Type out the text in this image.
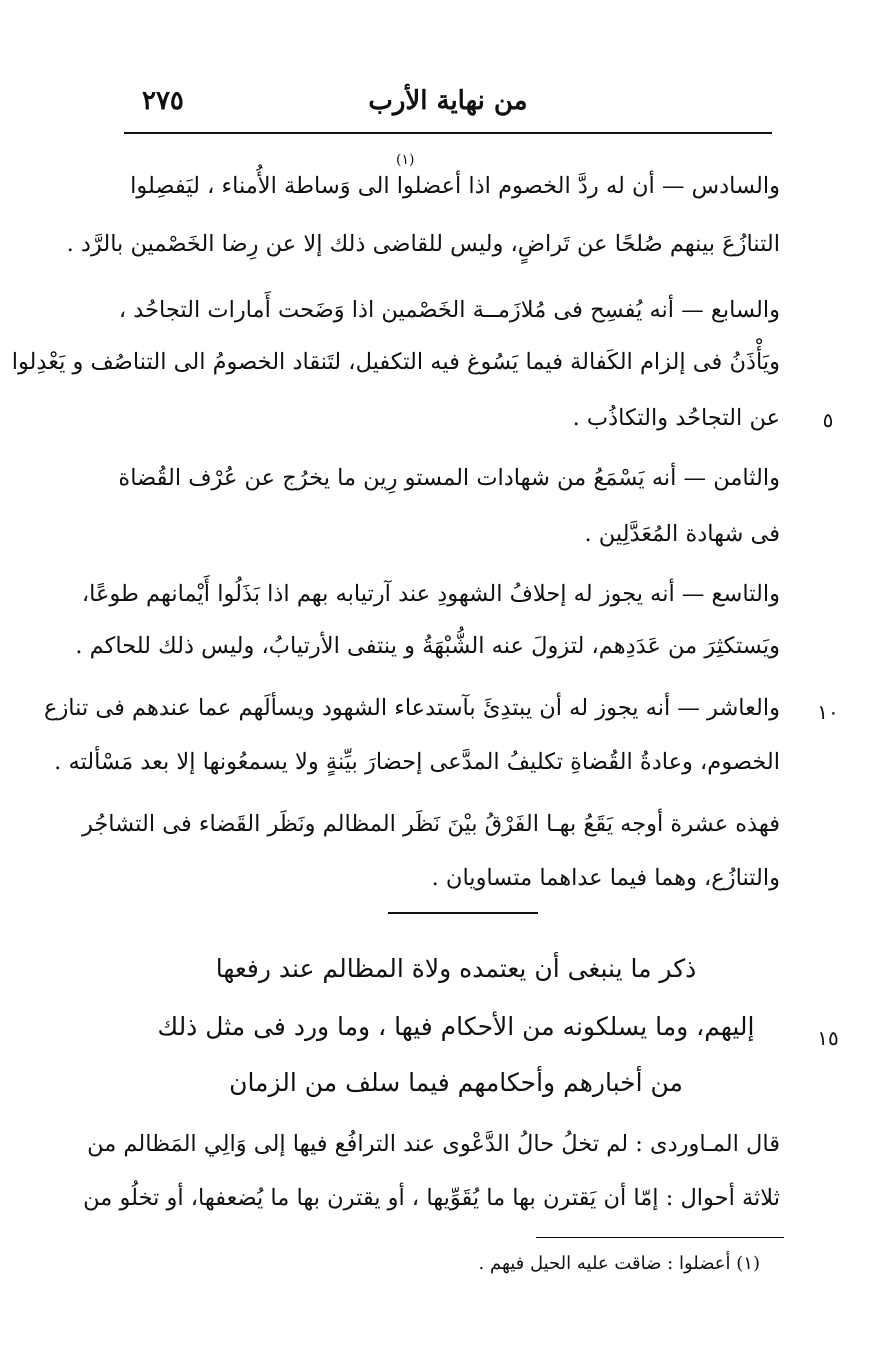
٢٧٥	من نهاية الأرب
(١)
والسادس — أن له ردَّ الخصوم اذا أعضلوا الى وَساطة الأُمناء ، ليَفصِلوا
التنازُعَ بينهم صُلحًا عن تَراضٍ، وليس للقاضى ذلك إلا عن رِضا الخَصْمين بالرَّد .
والسابع — أنه يُفسِح فى مُلازَمــة الخَصْمين اذا وَضَحت أَمارات التجاحُد ،
ويَأْذَنُ فى إلزام الكَفالة فيما يَسُوغ فيه التكفيل، لتَنقاد الخصومُ الى التناصُف و يَعْدِلوا
عن التجاحُد والتكاذُب .
والثامن — أنه يَسْمَعُ من شهادات المستو رِين ما يخرُج عن عُرْف القُضاة
فى شهادة المُعَدَّلِين .
والتاسع — أنه يجوز له إحلافُ الشهودِ عند آرتيابه بهم اذا بَذَلُوا أَيْمانهم طوعًا،
ويَستكثِرَ من عَدَدِهم، لتزولَ عنه الشُّبْهَةُ و ينتفى الأرتيابُ، وليس ذلك للحاكم .
والعاشر — أنه يجوز له أن يبتدِئَ بآستدعاء الشهود ويسألَهم عما عندهم فى تنازع
الخصوم، وعادةُ القُضاةِ تكليفُ المدَّعى إحضارَ بيِّنةٍ ولا يسمعُونها إلا بعد مَسْألته .
فهذه عشرة أوجه يَقَعُ بهـا الفَرْقُ بيْنَ نَظَر المظالم ونَظَر القَضاء فى التشاجُر
والتنازُع، وهما فيما عداهما متساويان .
٥
١٠
١٥
ذكر ما ينبغى أن يعتمده ولاة المظالم عند رفعها
إليهم، وما يسلكونه من الأحكام فيها ، وما ورد فى مثل ذلك
من أخبارهم وأحكامهم فيما سلف من الزمان
قال المـاوردى : لم تخلُ حالُ الدَّعْوى عند الترافُع فيها إلى وَالِي المَظالم من
ثلاثة أحوال : إمّا أن يَقترن بها ما يُقَوِّيها ، أو يقترن بها ما يُضعفها، أو تخلُو من
(١) أعضلوا : ضاقت عليه الحيل فيهم .
